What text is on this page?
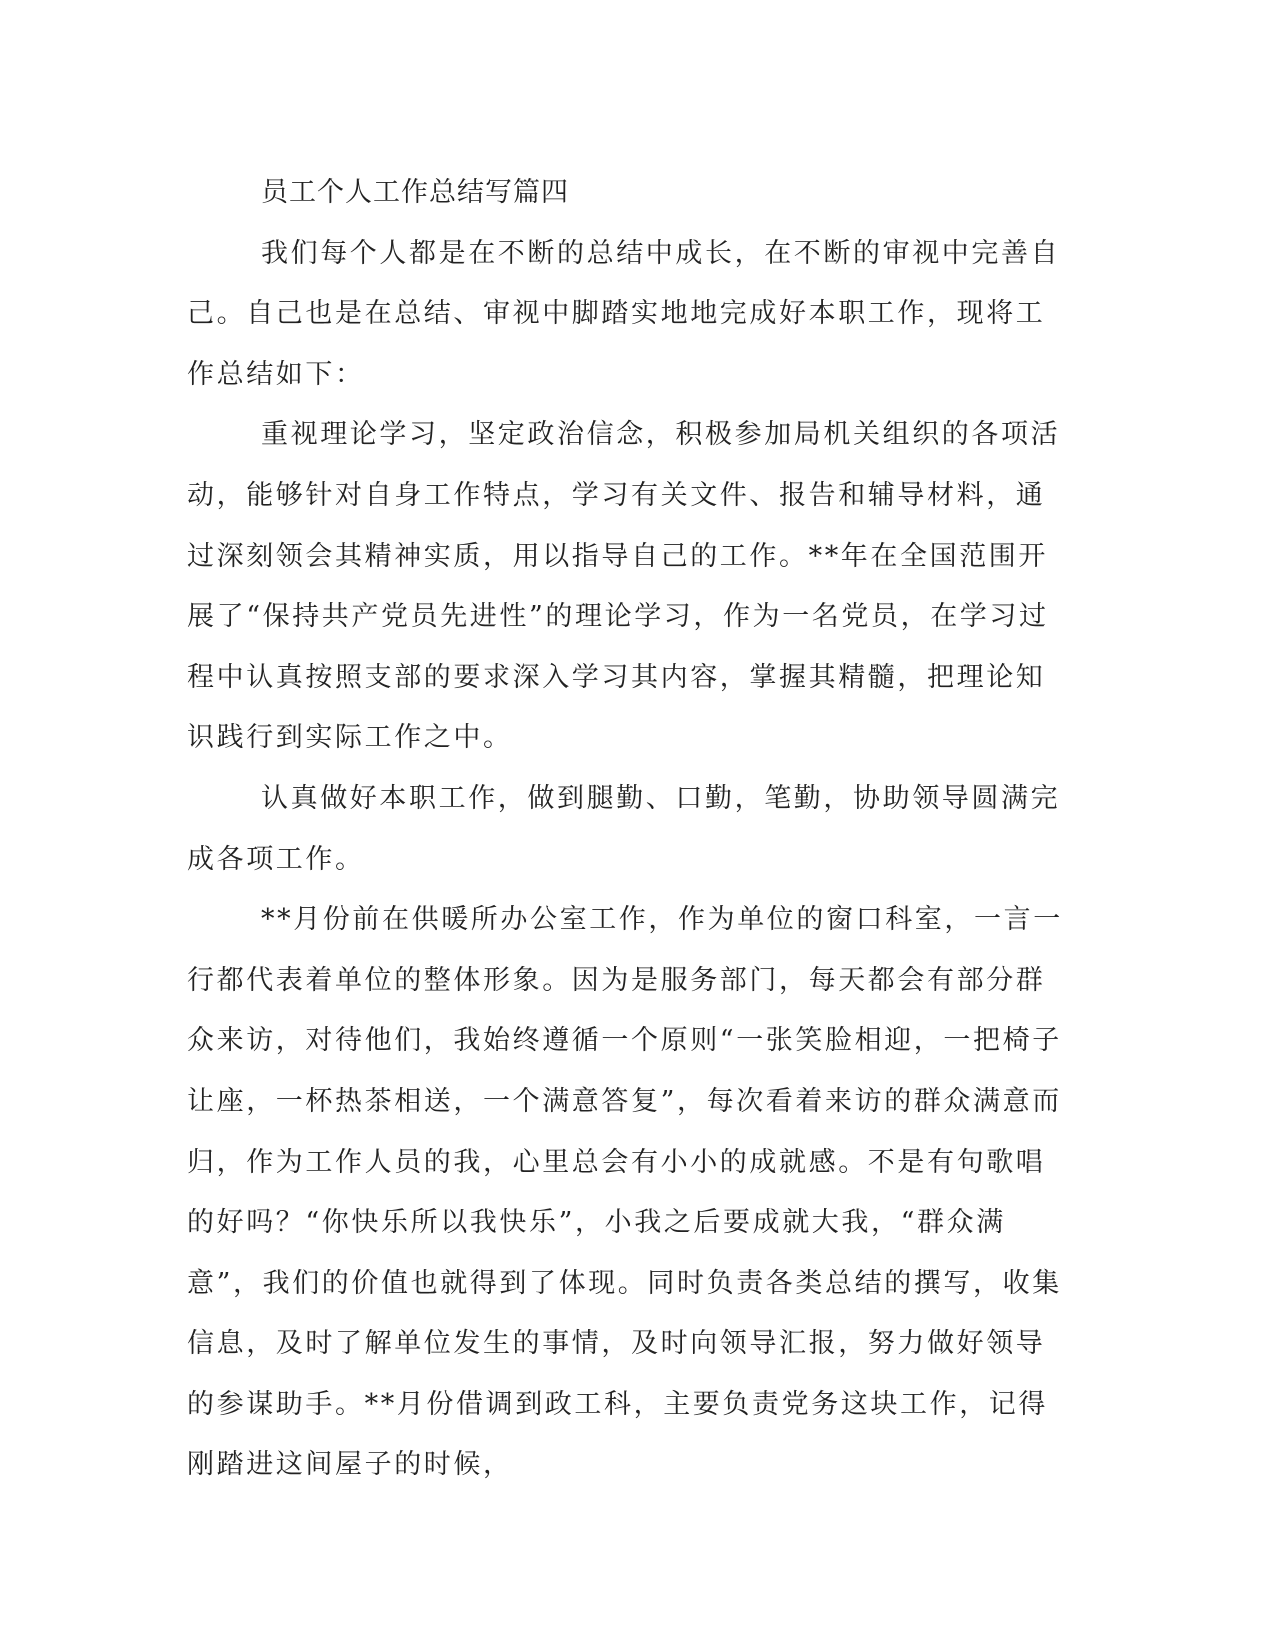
员工个人工作总结写篇四

我们每个人都是在不断的总结中成长，在不断的审视中完善自己。自己也是在总结、审视中脚踏实地地完成好本职工作，现将工作总结如下：

重视理论学习，坚定政治信念，积极参加局机关组织的各项活动，能够针对自身工作特点，学习有关文件、报告和辅导材料，通过深刻领会其精神实质，用以指导自己的工作。**年在全国范围开展了“保持共产党员先进性”的理论学习，作为一名党员，在学习过程中认真按照支部的要求深入学习其内容，掌握其精髓，把理论知识践行到实际工作之中。

认真做好本职工作，做到腿勤、口勤，笔勤，协助领导圆满完成各项工作。

**月份前在供暖所办公室工作，作为单位的窗口科室，一言一行都代表着单位的整体形象。因为是服务部门，每天都会有部分群众来访，对待他们，我始终遵循一个原则“一张笑脸相迎，一把椅子让座，一杯热茶相送，一个满意答复”，每次看着来访的群众满意而归，作为工作人员的我，心里总会有小小的成就感。不是有句歌唱的好吗？“你快乐所以我快乐”，小我之后要成就大我，“群众满意”，我们的价值也就得到了体现。同时负责各类总结的撰写，收集信息，及时了解单位发生的事情，及时向领导汇报，努力做好领导的参谋助手。**月份借调到政工科，主要负责党务这块工作，记得刚踏进这间屋子的时候，
